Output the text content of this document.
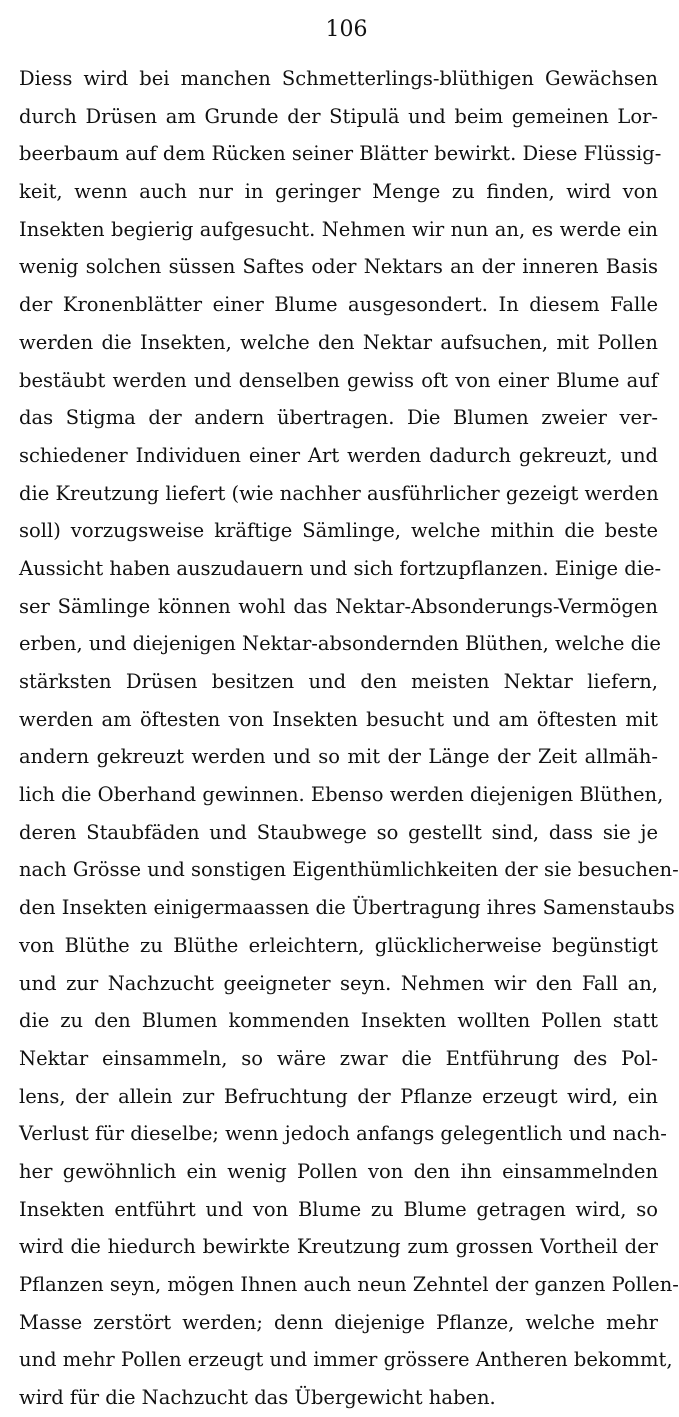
106
Diess wird bei manchen Schmetterlings-blüthigen Gewächsen
durch Drüsen am Grunde der Stipulä und beim gemeinen Lor-
beerbaum auf dem Rücken seiner Blätter bewirkt. Diese Flüssig-
keit, wenn auch nur in geringer Menge zu finden, wird von
Insekten begierig aufgesucht. Nehmen wir nun an, es werde ein
wenig solchen süssen Saftes oder Nektars an der inneren Basis
der Kronenblätter einer Blume ausgesondert. In diesem Falle
werden die Insekten, welche den Nektar aufsuchen, mit Pollen
bestäubt werden und denselben gewiss oft von einer Blume auf
das Stigma der andern übertragen. Die Blumen zweier ver-
schiedener Individuen einer Art werden dadurch gekreuzt, und
die Kreutzung liefert (wie nachher ausführlicher gezeigt werden
soll) vorzugsweise kräftige Sämlinge, welche mithin die beste
Aussicht haben auszudauern und sich fortzupflanzen. Einige die-
ser Sämlinge können wohl das Nektar-Absonderungs-Vermögen
erben, und diejenigen Nektar-absondernden Blüthen, welche die
stärksten Drüsen besitzen und den meisten Nektar liefern,
werden am öftesten von Insekten besucht und am öftesten mit
andern gekreuzt werden und so mit der Länge der Zeit allmäh-
lich die Oberhand gewinnen. Ebenso werden diejenigen Blüthen,
deren Staubfäden und Staubwege so gestellt sind, dass sie je
nach Grösse und sonstigen Eigenthümlichkeiten der sie besuchen-
den Insekten einigermaassen die Übertragung ihres Samenstaubs
von Blüthe zu Blüthe erleichtern, glücklicherweise begünstigt
und zur Nachzucht geeigneter seyn. Nehmen wir den Fall an,
die zu den Blumen kommenden Insekten wollten Pollen statt
Nektar einsammeln, so wäre zwar die Entführung des Pol-
lens, der allein zur Befruchtung der Pflanze erzeugt wird, ein
Verlust für dieselbe; wenn jedoch anfangs gelegentlich und nach-
her gewöhnlich ein wenig Pollen von den ihn einsammelnden
Insekten entführt und von Blume zu Blume getragen wird, so
wird die hiedurch bewirkte Kreutzung zum grossen Vortheil der
Pflanzen seyn, mögen Ihnen auch neun Zehntel der ganzen Pollen-
Masse zerstört werden; denn diejenige Pflanze, welche mehr
und mehr Pollen erzeugt und immer grössere Antheren bekommt,
wird für die Nachzucht das Übergewicht haben.
